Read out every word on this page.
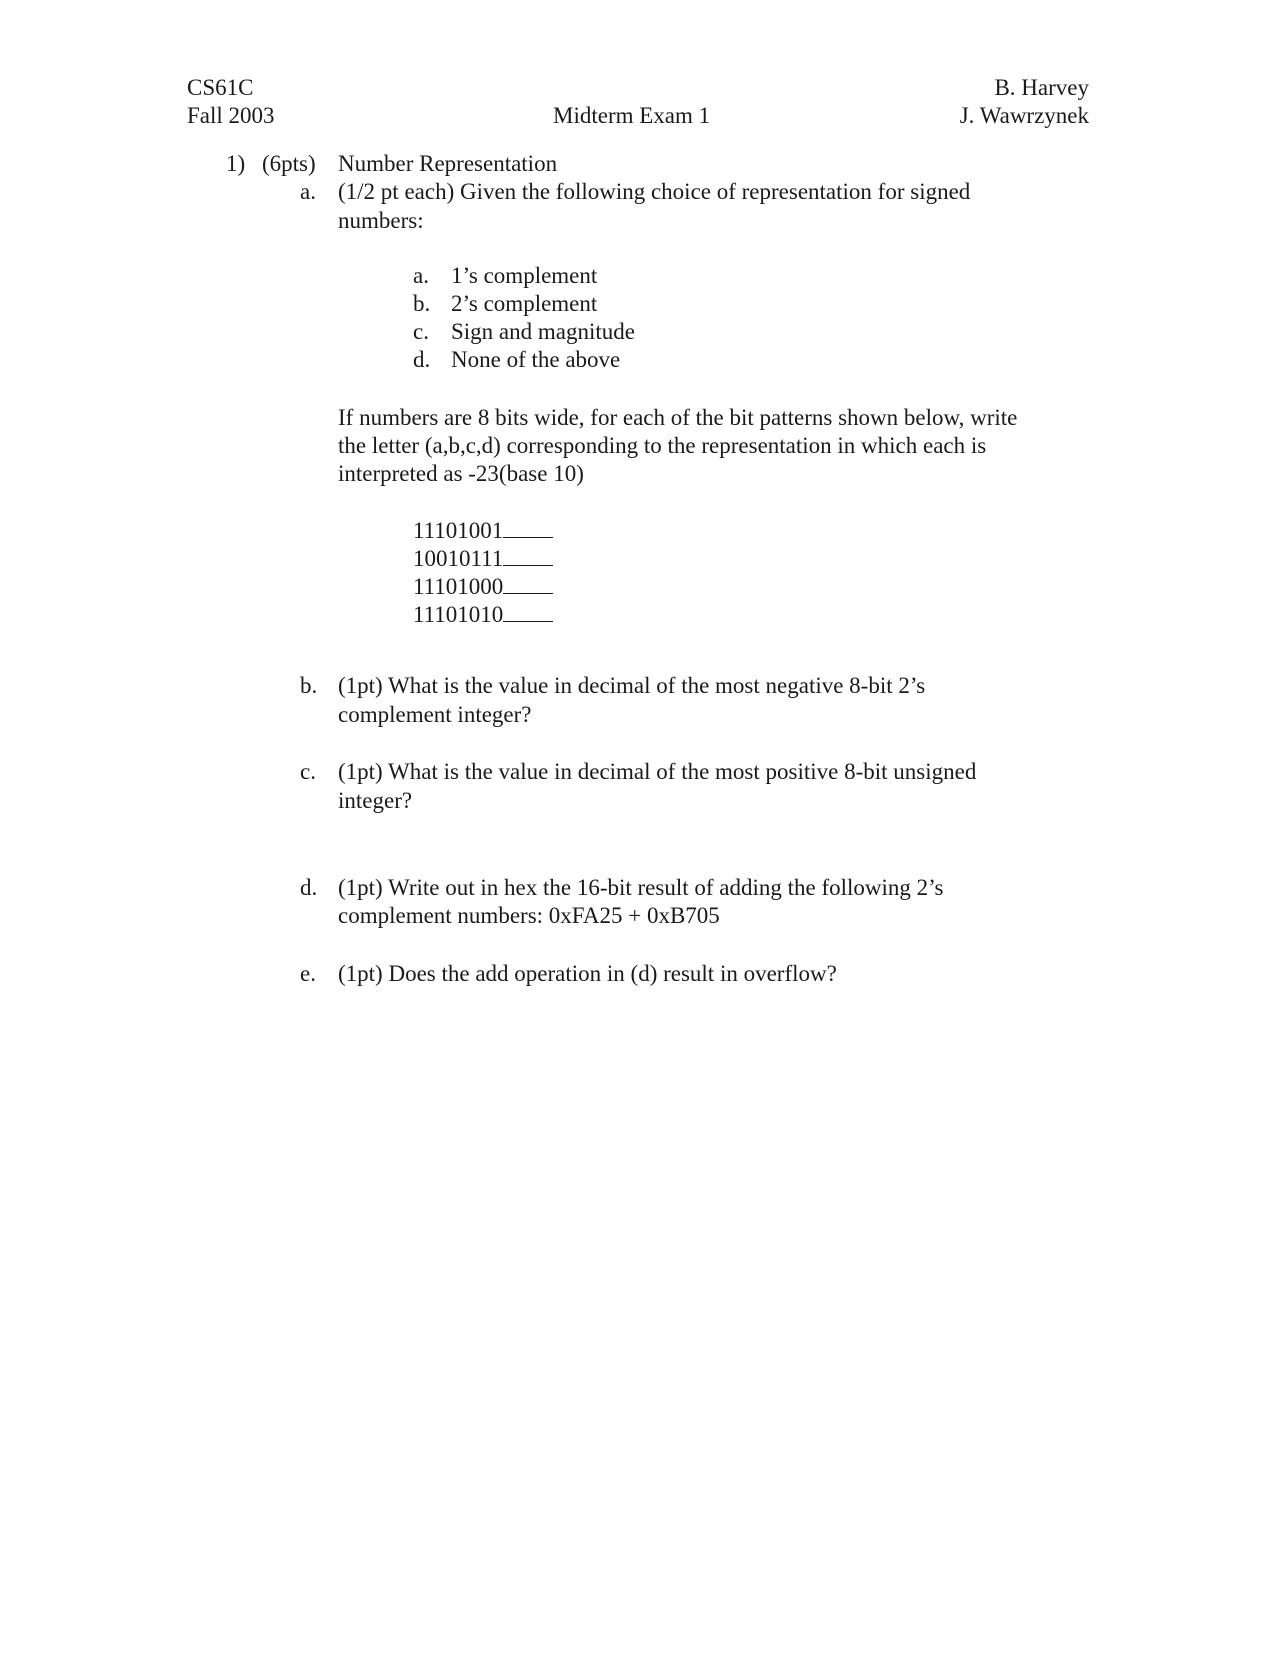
CS61C
Fall 2003	Midterm Exam 1
B. Harvey
J. Wawrzynek
1) (6pts) Number Representation
a. (1/2 pt each) Given the following choice of representation for signed
numbers:
a. 1’s complement
b. 2’s complement
c. Sign and magnitude
d. None of the above
If numbers are 8 bits wide, for each of the bit patterns shown below, write
the letter (a,b,c,d) corresponding to the representation in which each is
interpreted as -23(base 10)
11101001
10010111
11101000
11101010
b. (1pt) What is the value in decimal of the most negative 8-bit 2’s
complement integer?
c. (1pt) What is the value in decimal of the most positive 8-bit unsigned
integer?
d. (1pt) Write out in hex the 16-bit result of adding the following 2’s
complement numbers: 0xFA25 + 0xB705
e. (1pt) Does the add operation in (d) result in overflow?
